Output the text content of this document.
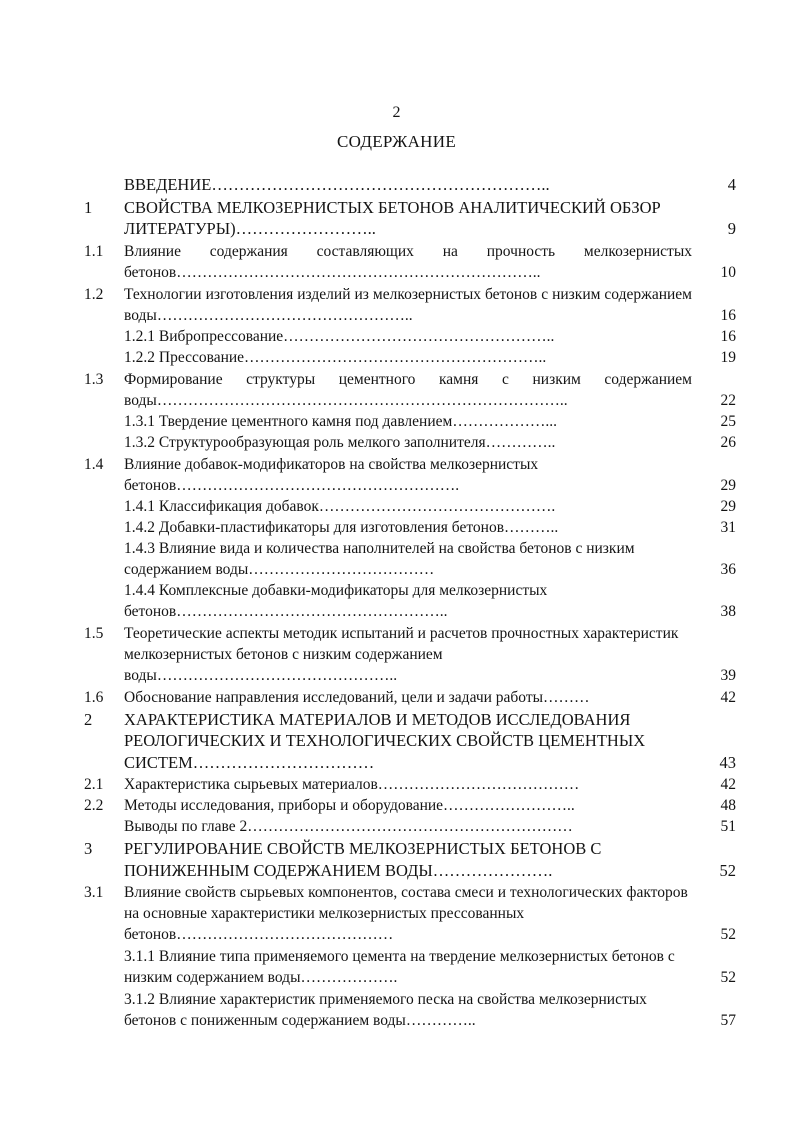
2
СОДЕРЖАНИЕ
ВВЕДЕНИЕ……………………………………………………..	4
1	СВОЙСТВА МЕЛКОЗЕРНИСТЫХ БЕТОНОВ АНАЛИТИЧЕСКИЙ ОБЗОР ЛИТЕРАТУРЫ)……………………..	9
1.1	Влияние содержания составляющих на прочность мелкозернистых бетонов……………………………………………………………..	10
1.2	Технологии изготовления изделий из мелкозернистых бетонов с низким содержанием воды…………………………………………..	16
1.2.1 Вибропрессование……………………………………………..	16
1.2.2 Прессование…………………………………………………..	19
1.3	Формирование структуры цементного камня с низким содержанием воды……………………………………………………………………..	22
1.3.1 Твердение цементного камня под давлением………………...	25
1.3.2 Структурообразующая роль мелкого заполнителя…………..	26
1.4	Влияние добавок-модификаторов на свойства мелкозернистых бетонов……………………………………………….	29
1.4.1 Классификация добавок……………………………………….	29
1.4.2 Добавки-пластификаторы для изготовления бетонов………..	31
1.4.3 Влияние вида и количества наполнителей на свойства бетонов с низким содержанием воды………………………………	36
1.4.4 Комплексные добавки-модификаторы для мелкозернистых бетонов……………………………………………..	38
1.5	Теоретические аспекты методик испытаний и расчетов прочностных характеристик мелкозернистых бетонов с низким содержанием воды………………………………………..	39
1.6	Обоснование направления исследований, цели и задачи работы………	42
2	ХАРАКТЕРИСТИКА МАТЕРИАЛОВ И МЕТОДОВ ИССЛЕДОВАНИЯ РЕОЛОГИЧЕСКИХ И ТЕХНОЛОГИЧЕСКИХ СВОЙСТВ ЦЕМЕНТНЫХ СИСТЕМ……………………………	43
2.1	Характеристика сырьевых материалов…………………………………	42
2.2	Методы исследования, приборы и оборудование……………………..	48
Выводы по главе 2………………………………………………………	51
3	РЕГУЛИРОВАНИЕ СВОЙСТВ МЕЛКОЗЕРНИСТЫХ БЕТОНОВ С ПОНИЖЕННЫМ СОДЕРЖАНИЕМ ВОДЫ………………….	52
3.1	Влияние свойств сырьевых компонентов, состава смеси и технологических факторов на основные характеристики мелкозернистых прессованных бетонов……………………………………	52
3.1.1 Влияние типа применяемого цемента на твердение мелкозернистых бетонов с низким содержанием воды……………….	52
3.1.2 Влияние характеристик применяемого песка на свойства мелкозернистых бетонов с пониженным содержанием воды…………..	57
